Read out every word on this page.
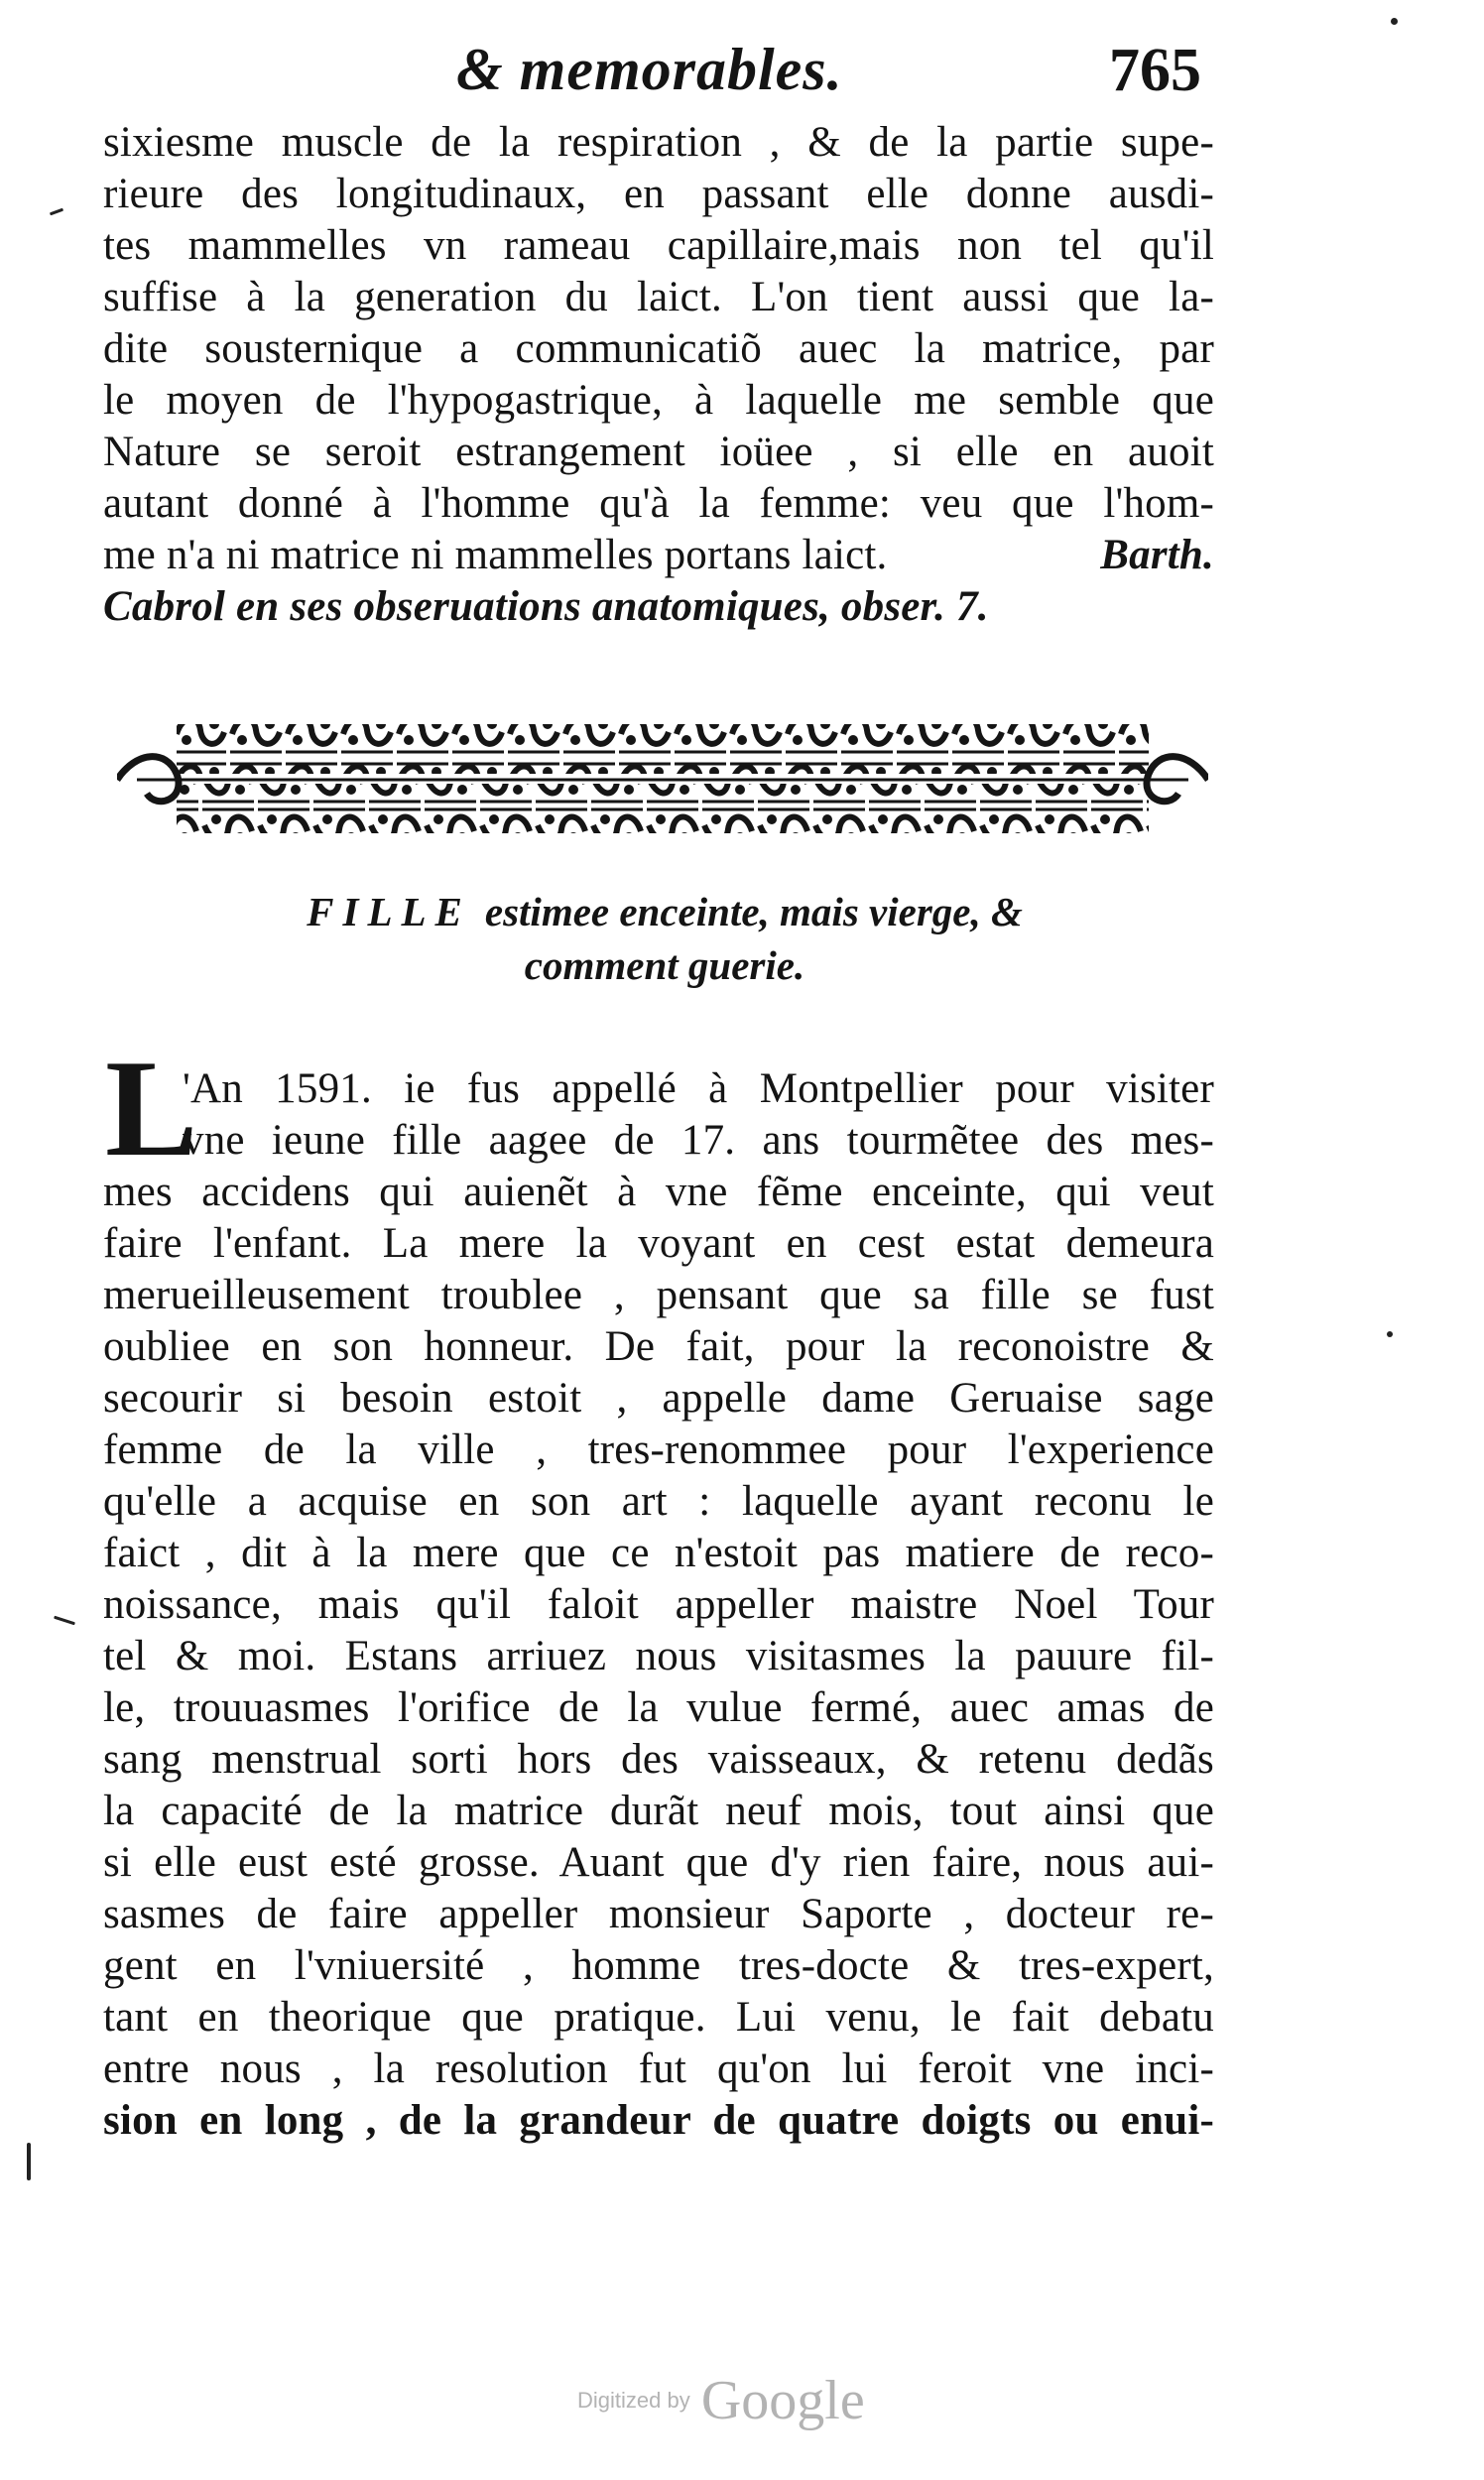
& memorables.	765
sixiesme muscle de la respiration , & de la partie supe-
rieure des longitudinaux, en passant elle donne ausdi-
tes mammelles vn rameau capillaire,mais non tel qu'il
suffise à la generation du laict. L'on tient aussi que la-
dite sousternique a communicatiõ auec la matrice, par
le moyen de l'hypogastrique, à laquelle me semble que
Nature se seroit estrangement ioüee , si elle en auoit
autant donné à l'homme qu'à la femme: veu que l'hom-
me n'a ni matrice ni mammelles portans laict.	Barth.
Cabrol en ses obseruations anatomiques, obser. 7.
FILLE estimee enceinte, mais vierge, &
comment guerie.
L
'An 1591. ie fus appellé à Montpellier pour visiter
vne ieune fille aagee de 17. ans tourmẽtee des mes-
mes accidens qui auienẽt à vne fẽme enceinte, qui veut
faire l'enfant. La mere la voyant en cest estat demeura
merueilleusement troublee , pensant que sa fille se fust
oubliee en son honneur. De fait, pour la reconoistre &
secourir si besoin estoit , appelle dame Geruaise sage
femme de la ville , tres-renommee pour l'experience
qu'elle a acquise en son art : laquelle ayant reconu le
faict , dit à la mere que ce n'estoit pas matiere de reco-
noissance, mais qu'il faloit appeller maistre Noel Tour
tel & moi. Estans arriuez nous visitasmes la pauure fil-
le, trouuasmes l'orifice de la vulue fermé, auec amas de
sang menstrual sorti hors des vaisseaux, & retenu dedãs
la capacité de la matrice durãt neuf mois, tout ainsi que
si elle eust esté grosse. Auant que d'y rien faire, nous aui-
sasmes de faire appeller monsieur Saporte , docteur re-
gent en l'vniuersité , homme tres-docte & tres-expert,
tant en theorique que pratique. Lui venu, le fait debatu
entre nous , la resolution fut qu'on lui feroit vne inci-
sion en long , de la grandeur de quatre doigts ou enui-
Digitized by Google
